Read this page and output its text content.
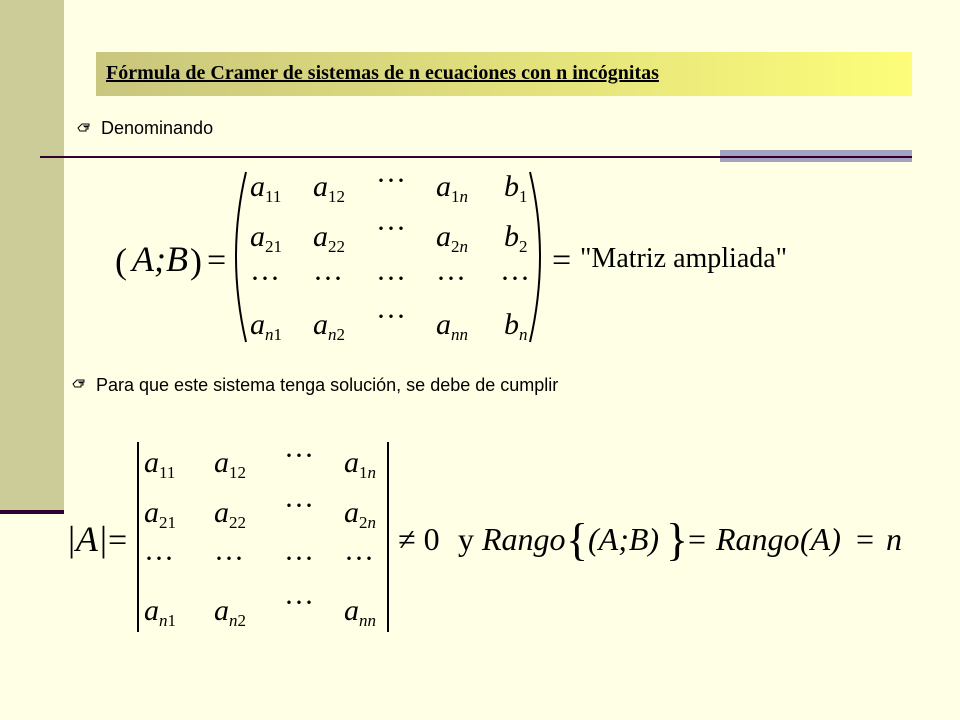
Fórmula de Cramer de sistemas de n ecuaciones con n incógnitas
Denominando
( A;B ) =
$a_{11}$ $a_{12}$ ··· $a_1n$ $b_1$
$a_{21}$ $a_{22}$
··· $a_2n$ $b_2$
··· ··· ··· ··· ···
$a_n1$ $a_n2$
··· $a_{nn}$ $b_n$
= "Matriz ampliada"
Para que este sistema tenga solución, se debe de cumplir
|A| =
$a_{11}$ $a_{12}$
··· $a_1n$
$a_{21}$ $a_{22}$
··· $a_2n$
··· ··· ··· ···
$a_n1$ $a_n2$
··· $a_{nn}$
≠ 0 y Rango { (A;B) } = Rango (A) = n
